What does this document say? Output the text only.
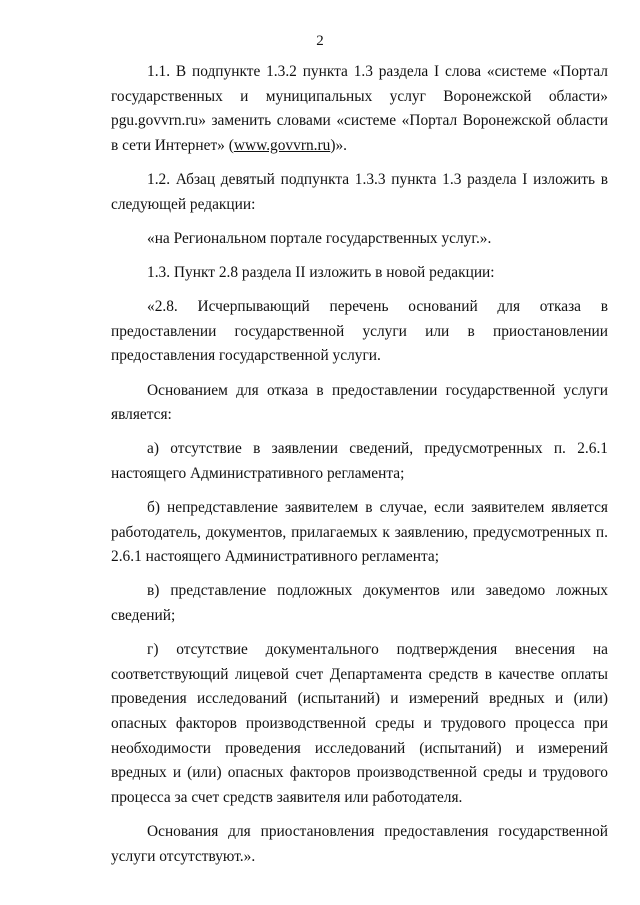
2

1.1. В подпункте 1.3.2 пункта 1.3 раздела I слова «системе «Портал государственных и муниципальных услуг Воронежской области» pgu.govvrn.ru» заменить словами «системе «Портал Воронежской области в сети Интернет» (www.govvrn.ru)».

1.2. Абзац девятый подпункта 1.3.3 пункта 1.3 раздела I изложить в следующей редакции:

«на Региональном портале государственных услуг.».

1.3. Пункт 2.8 раздела II изложить в новой редакции:

«2.8. Исчерпывающий перечень оснований для отказа в предоставлении государственной услуги или в приостановлении предоставления государственной услуги.

Основанием для отказа в предоставлении государственной услуги является:

а) отсутствие в заявлении сведений, предусмотренных п. 2.6.1 настоящего Административного регламента;

б) непредставление заявителем в случае, если заявителем является работодатель, документов, прилагаемых к заявлению, предусмотренных п. 2.6.1 настоящего Административного регламента;

в) представление подложных документов или заведомо ложных сведений;

г) отсутствие документального подтверждения внесения на соответствующий лицевой счет Департамента средств в качестве оплаты проведения исследований (испытаний) и измерений вредных и (или) опасных факторов производственной среды и трудового процесса при необходимости проведения исследований (испытаний) и измерений вредных и (или) опасных факторов производственной среды и трудового процесса за счет средств заявителя или работодателя.

Основания для приостановления предоставления государственной услуги отсутствуют.».
